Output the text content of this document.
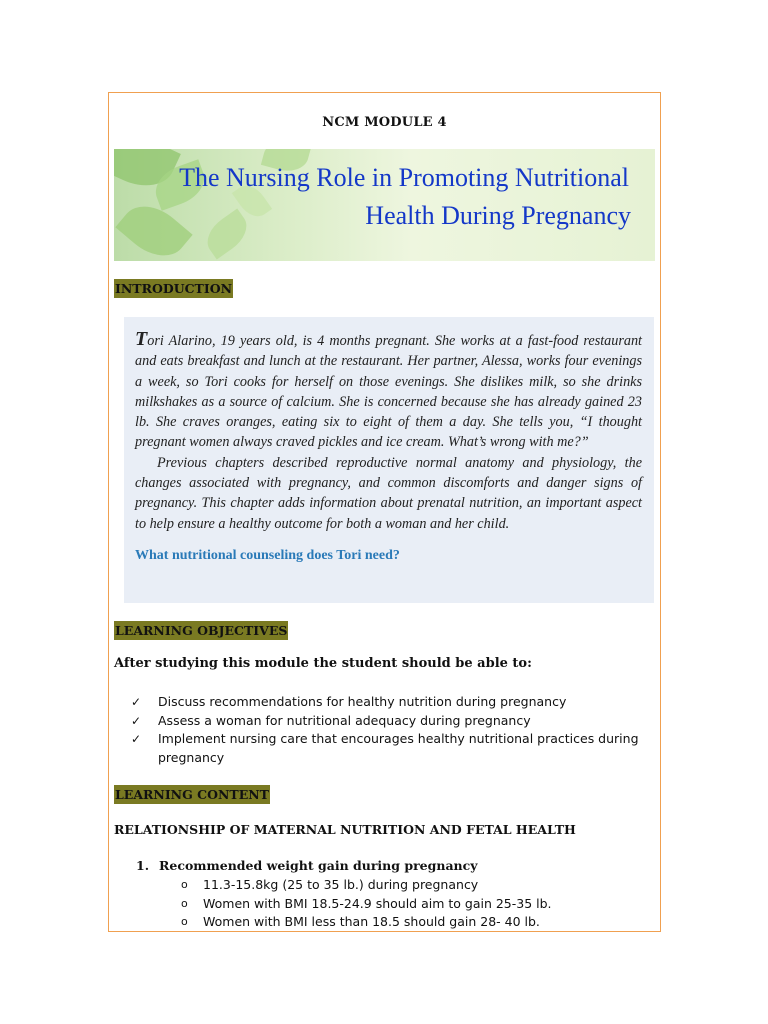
NCM MODULE 4
The Nursing Role in Promoting Nutritional
Health During Pregnancy
INTRODUCTION

Tori Alarino, 19 years old, is 4 months pregnant. She works at a fast-food restaurant and eats breakfast and lunch at the restaurant. Her partner, Alessa, works four evenings a week, so Tori cooks for herself on those evenings. She dislikes milk, so she drinks milkshakes as a source of calcium. She is concerned because she has already gained 23 lb. She craves oranges, eating six to eight of them a day. She tells you, “I thought pregnant women always craved pickles and ice cream. What’s wrong with me?”

Previous chapters described reproductive normal anatomy and physiology, the changes associated with pregnancy, and common discomforts and danger signs of pregnancy. This chapter adds information about prenatal nutrition, an important aspect to help ensure a healthy outcome for both a woman and her child.

What nutritional counseling does Tori need?

LEARNING OBJECTIVES
After studying this module the student should be able to:
✓ Discuss recommendations for healthy nutrition during pregnancy
✓ Assess a woman for nutritional adequacy during pregnancy
✓ Implement nursing care that encourages healthy nutritional practices during pregnancy
LEARNING CONTENT
RELATIONSHIP OF MATERNAL NUTRITION AND FETAL HEALTH
1. Recommended weight gain during pregnancy
o 11.3-15.8kg (25 to 35 lb.) during pregnancy
o Women with BMI 18.5-24.9 should aim to gain 25-35 lb.
o Women with BMI less than 18.5 should gain 28- 40 lb.
